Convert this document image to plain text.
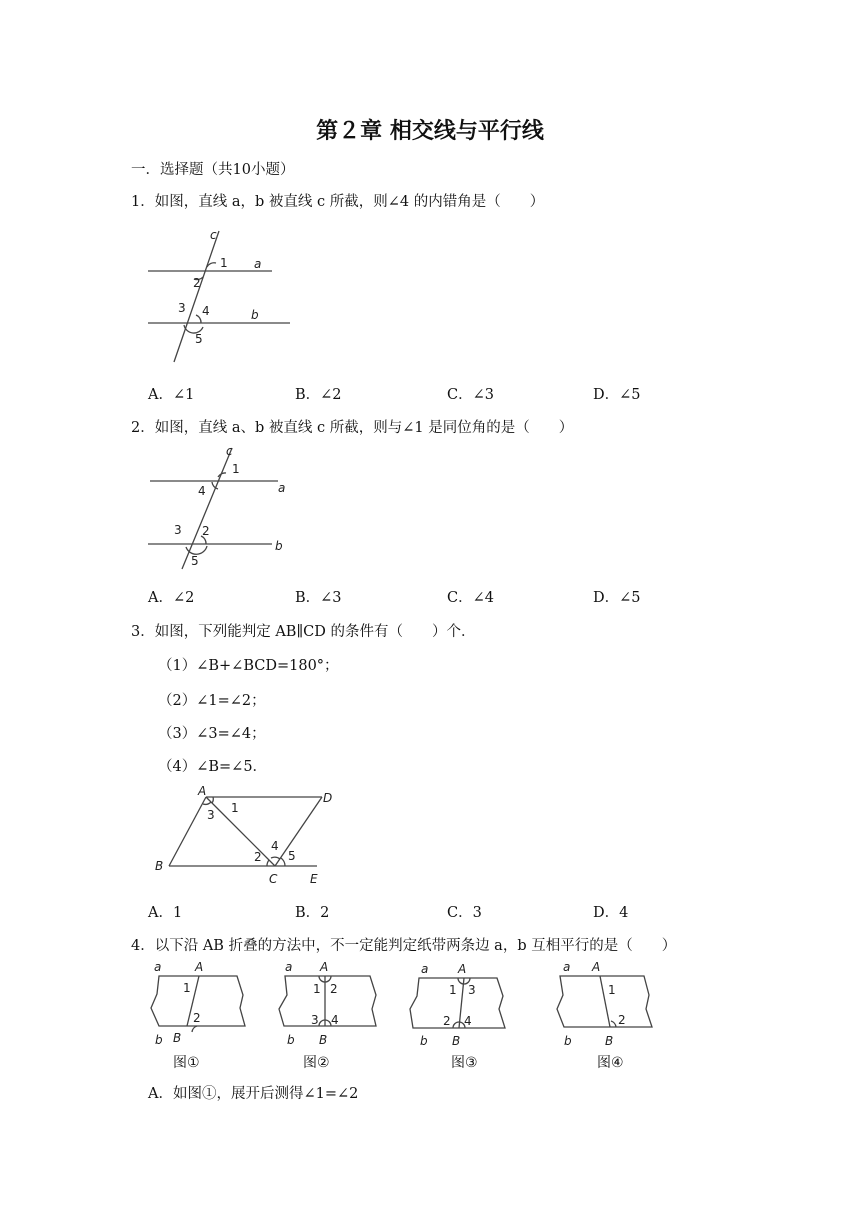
第２章 相交线与平行线
一．选择题（共10小题）
1．如图，直线 a，b 被直线 c 所截，则∠4 的内错角是（　　）
c
a
b
1
2
3 4
5
A．∠1	B．∠2	C．∠3	D．∠5
2．如图，直线 a、b 被直线 c 所截，则与∠1 是同位角的是（　　）
c
a
b
1
4
3 2
5
A．∠2	B．∠3	C．∠4	D．∠5
3．如图，下列能判定 AB∥CD 的条件有（　　）个．
（1）∠B+∠BCD=180°；
（2）∠1=∠2；
（3）∠3=∠4；
（4）∠B=∠5．
A	D
B
C	E
1
3
2
4
5
A．1	B．2	C．3	D．4
4．以下沿 AB 折叠的方法中，不一定能判定纸带两条边 a，b 互相平行的是（　　）
a	A
1
2
b B
图①
a A
1 2
3 4
b B
图②
a A
1 3
2 4
b B
图③
a A
1
2
b	B
图④
A．如图①，展开后测得∠1=∠2
